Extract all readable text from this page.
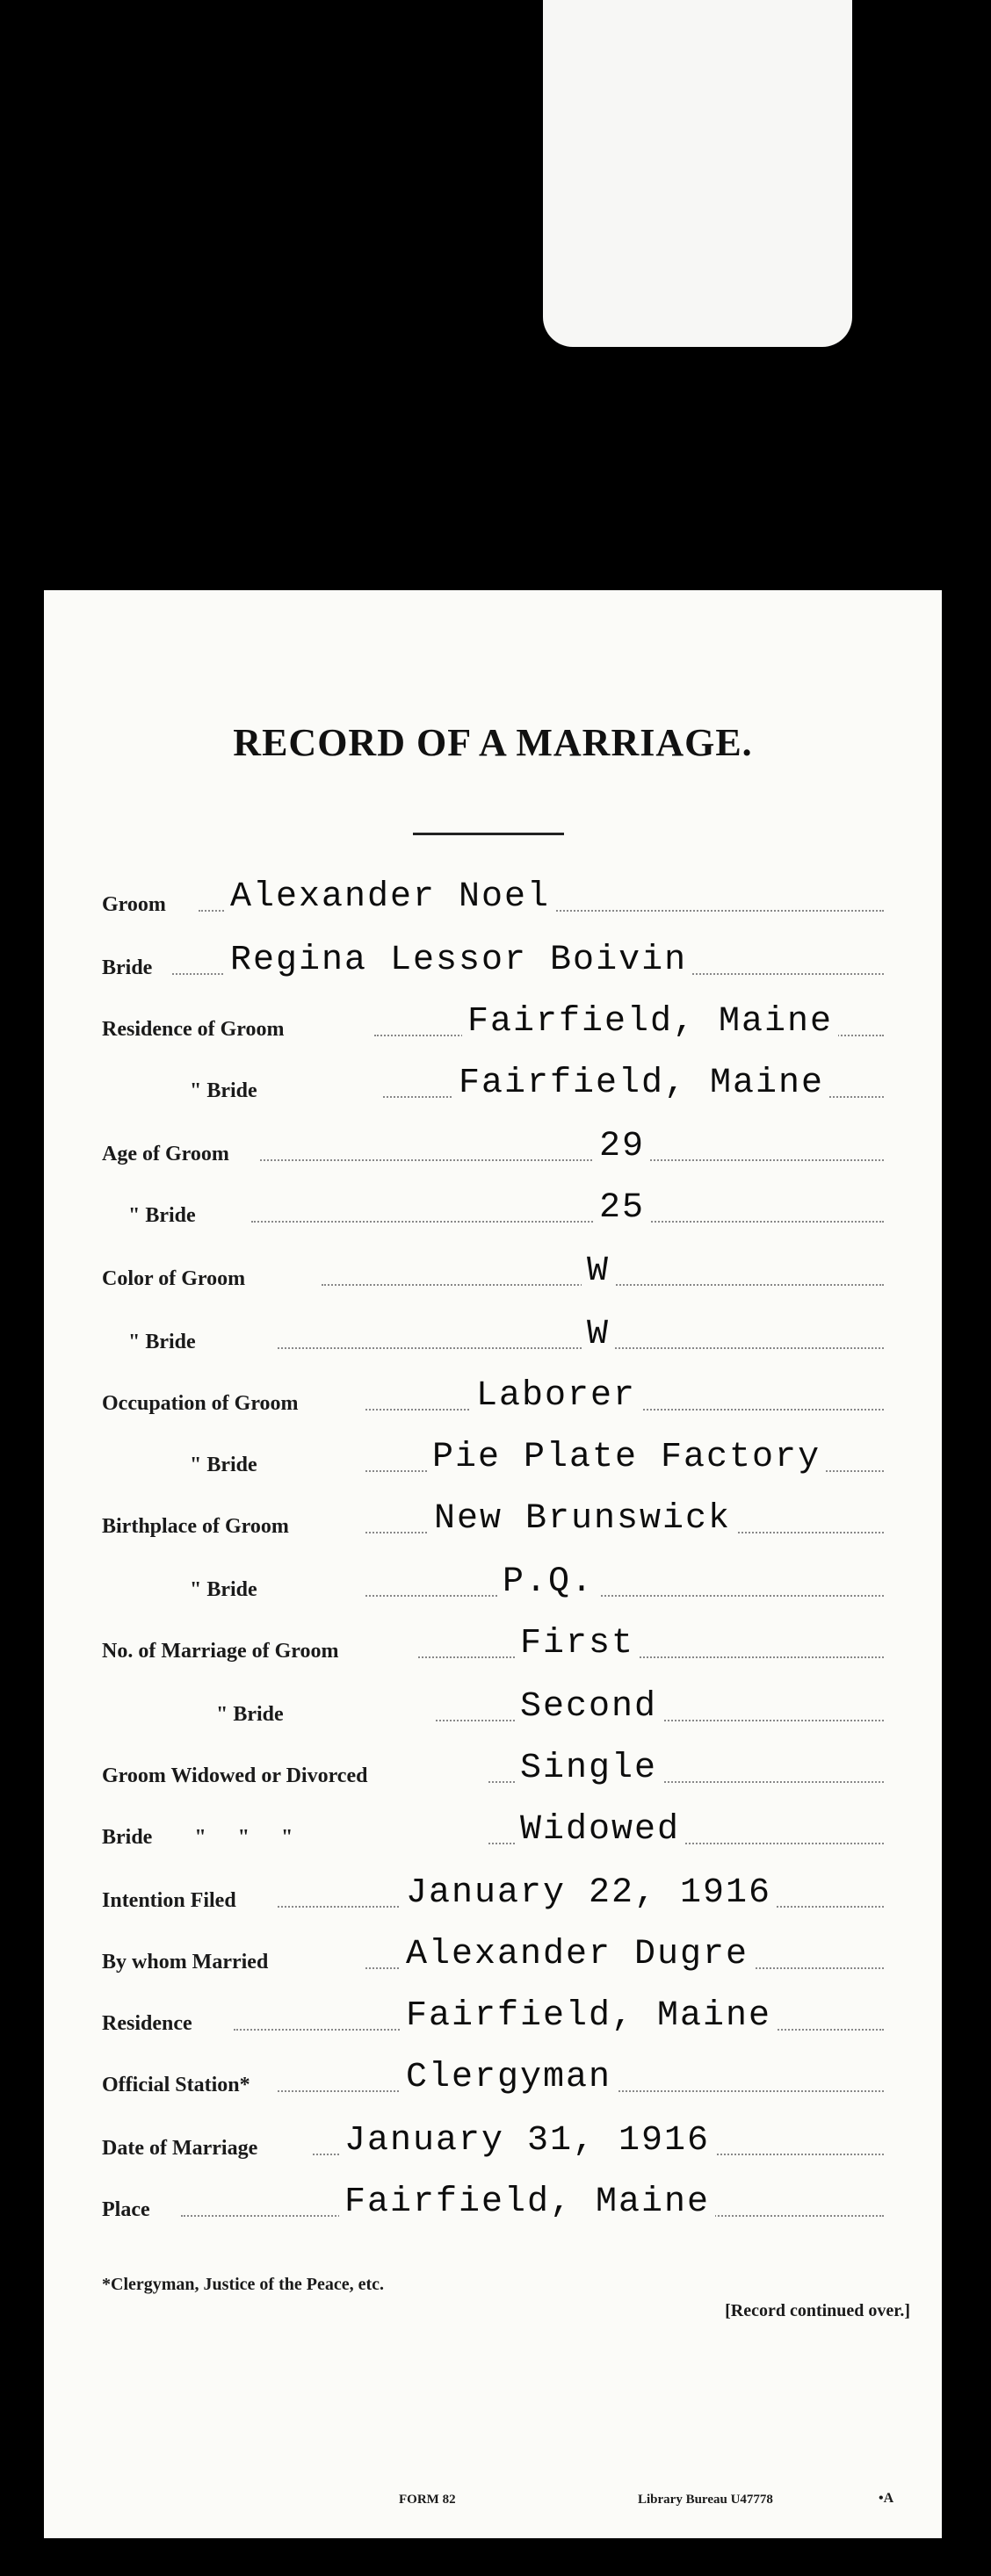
RECORD OF A MARRIAGE.
Groom Alexander Noel
Bride Regina Lessor Boivin
Residence of Groom	Fairfield, Maine
" Bride	Fairfield, Maine
Age of Groom	29
" Bride	25
Color of Groom	W
" Bride	W
Occupation of Groom	Laborer
" Bride	Pie Plate Factory
Birthplace of Groom	New Brunswick
" Bride	P.Q.
No. of Marriage of Groom	First
" Bride	Second
Groom Widowed or Divorced	Single
Bride        "      "      "	Widowed
Intention Filed	January 22, 1916
By whom Married	Alexander Dugre
Residence	Fairfield, Maine
Official Station*	Clergyman
Date of Marriage January 31, 1916
Place	Fairfield, Maine
*Clergyman, Justice of the Peace, etc.
[Record continued over.]
FORM 82	Library Bureau U47778	•A
